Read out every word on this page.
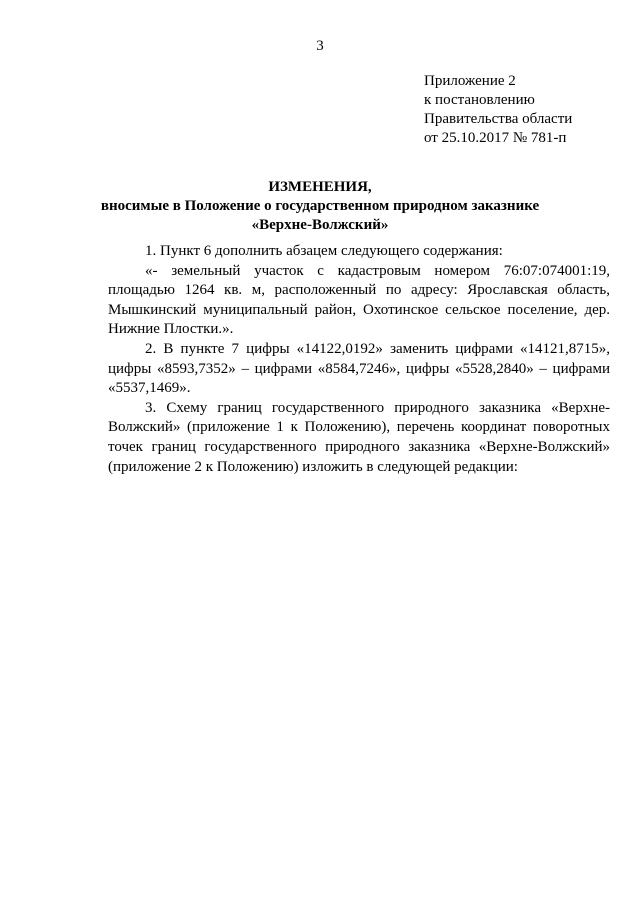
3
Приложение 2
к постановлению
Правительства области
от 25.10.2017 № 781-п
ИЗМЕНЕНИЯ,
вносимые в Положение о государственном природном заказнике
«Верхне-Волжский»

1. Пункт 6 дополнить абзацем следующего содержания:

«- земельный участок с кадастровым номером 76:07:074001:19, площадью 1264 кв. м, расположенный по адресу: Ярославская область, Мышкинский муниципальный район, Охотинское сельское поселение, дер. Нижние Плостки.».

2. В пункте 7 цифры «14122,0192» заменить цифрами «14121,8715», цифры «8593,7352» – цифрами «8584,7246», цифры «5528,2840» – цифрами «5537,1469».

3. Схему границ государственного природного заказника «Верхне-Волжский» (приложение 1 к Положению), перечень координат поворотных точек границ государственного природного заказника «Верхне-Волжский» (приложение 2 к Положению) изложить в следующей редакции:
